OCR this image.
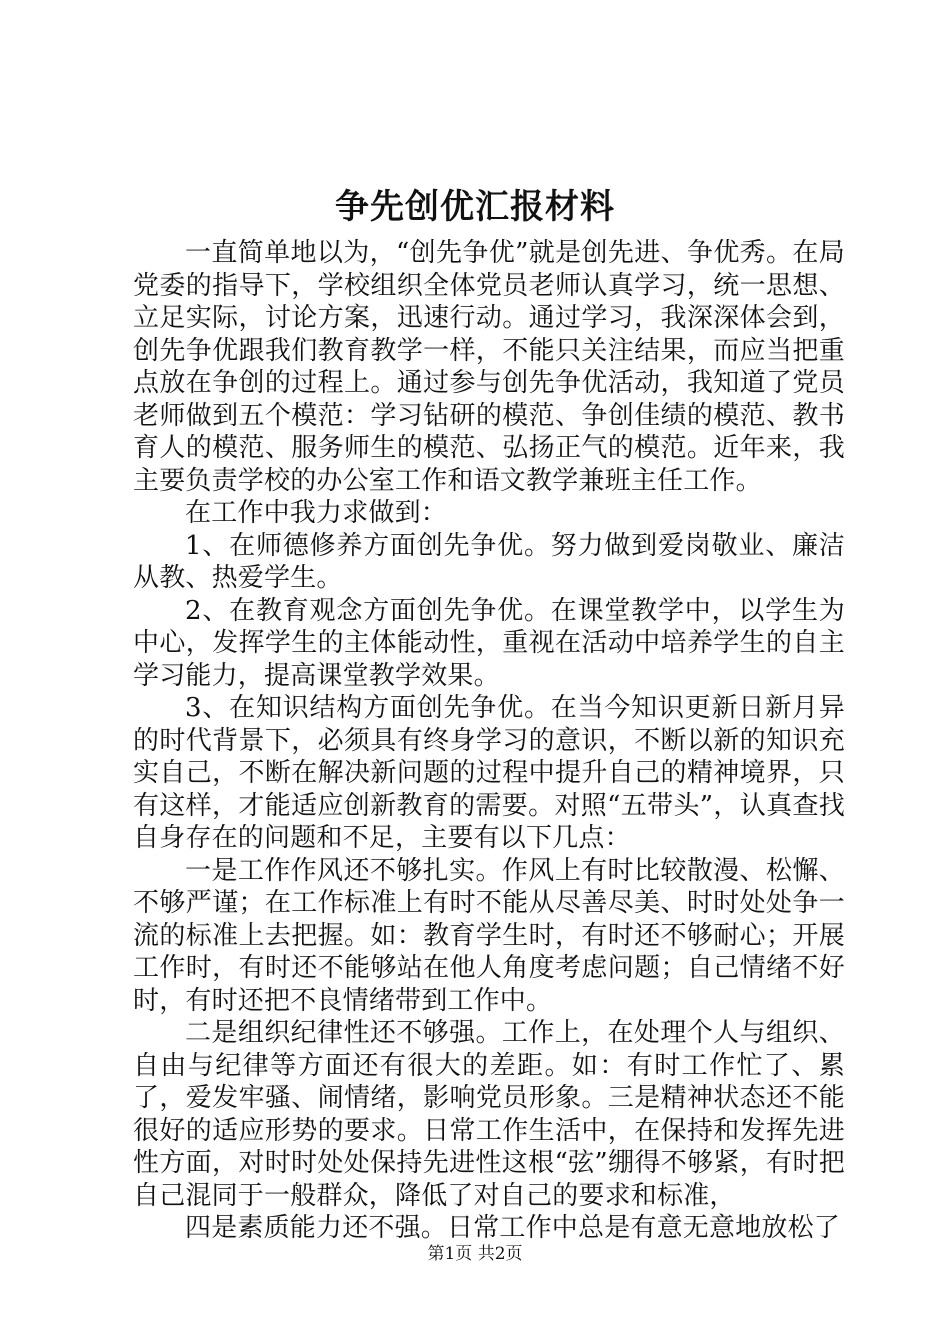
争先创优汇报材料

一直简单地以为，“创先争优”就是创先进、争优秀。在局党委的指导下，学校组织全体党员老师认真学习，统一思想、立足实际，讨论方案，迅速行动。通过学习，我深深体会到，创先争优跟我们教育教学一样，不能只关注结果，而应当把重点放在争创的过程上。通过参与创先争优活动，我知道了党员老师做到五个模范：学习钻研的模范、争创佳绩的模范、教书育人的模范、服务师生的模范、弘扬正气的模范。近年来，我主要负责学校的办公室工作和语文教学兼班主任工作。

在工作中我力求做到：

1、在师德修养方面创先争优。努力做到爱岗敬业、廉洁从教、热爱学生。

2、在教育观念方面创先争优。在课堂教学中，以学生为中心，发挥学生的主体能动性，重视在活动中培养学生的自主学习能力，提高课堂教学效果。

3、在知识结构方面创先争优。在当今知识更新日新月异的时代背景下，必须具有终身学习的意识，不断以新的知识充实自己，不断在解决新问题的过程中提升自己的精神境界，只有这样，才能适应创新教育的需要。对照“五带头”，认真查找自身存在的问题和不足，主要有以下几点：

一是工作作风还不够扎实。作风上有时比较散漫、松懈、不够严谨；在工作标准上有时不能从尽善尽美、时时处处争一流的标准上去把握。如：教育学生时，有时还不够耐心；开展工作时，有时还不能够站在他人角度考虑问题；自己情绪不好时，有时还把不良情绪带到工作中。

二是组织纪律性还不够强。工作上，在处理个人与组织、自由与纪律等方面还有很大的差距。如：有时工作忙了、累了，爱发牢骚、闹情绪，影响党员形象。三是精神状态还不能很好的适应形势的要求。日常工作生活中，在保持和发挥先进性方面，对时时处处保持先进性这根“弦”绷得不够紧，有时把自己混同于一般群众，降低了对自己的要求和标准，

四是素质能力还不强。日常工作中总是有意无意地放松了

第1页 共2页
